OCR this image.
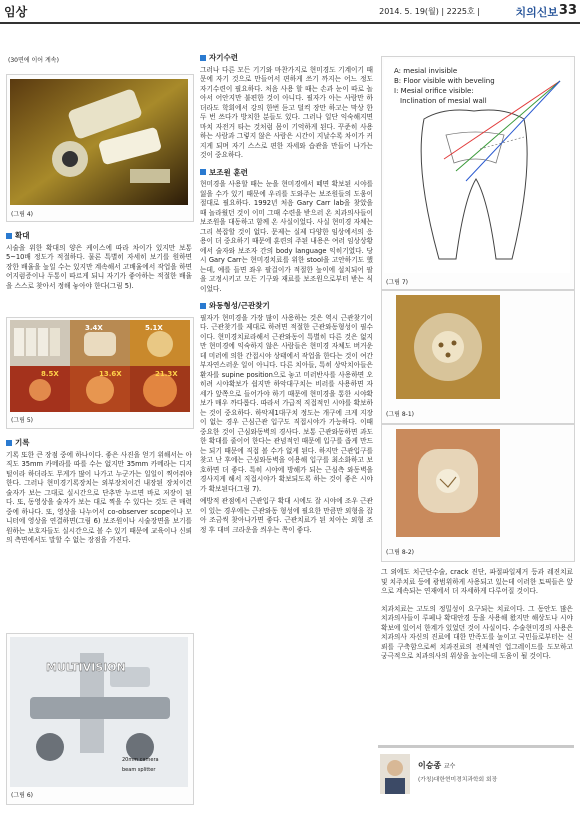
임상	2014. 5. 19(월) | 2225호 |	치의신보 33
(30면에 이어 계속)
(그림 4)
확대

시술을 위한 확대의 양은 케이스에 따라 차이가 있지만 보통 5~10배 정도가 적절하다. 물론 특별히 자세히 보기를 원하면 장한 배율을 높일 수는 있지만 계속해서 고배율에서 작업을 하면 어지럼증이나 두통이 따르게 되니 자기가 좋아하는 적절한 배율을 스스로 찾아서 정해 놓아야 한다(그림 5).

3.4X	5.1X
8.5X	13.6X	21.3X
(그림 5)
기록

기록 또한 큰 장점 중에 하나이다. 좋은 사진을 얻기 위해서는 아직도 35mm 카메라를 따를 수는 없지만 35mm 카메라는 디지털이라 하더라도 무게가 많이 나가고 누군가는 일일이 찍어줘야 한다. 그러나 현미경기록장치는 외부장치이건 내장된 장치이건 술자가 보는 그대로 실시간으로 단추만 누르면 바로 저장이 된다. 또, 동영상을 술자가 보는 대로 찍을 수 있다는 것도 큰 매력 중에 하나다. 또, 영상을 나누어서 co-observer scope이나 모니터에 영상을 연결하면(그림 6) 보조원이나 시술장면을 보기를 원하는 보호자들도 실시간으로 볼 수 있기 때문에 교육이나 신뢰의 측면에서도 말할 수 없는 장점을 가진다.

MULTIVISION
20mm camera
beam splitter
(그림 6)
자기수련

그러나 다른 모든 기기와 마찬가지로 현미경도 기계이기 때문에 자기 것으로 만들어서 편하게 쓰기 까지는 어느 정도 자기수련이 필요하다. 처음 사용 할 때는 손과 눈이 따로 놀아서 어안지만 불편한 것이 아니다. 필자가 아는 사람만 하더라도 학회에서 강의 한번 듣고 덜컥 장만 하고는 막상 한두 번 쓰다가 방치한 분들도 있다. 그러나 일단 익숙해지면 마치 자전거 타는 것처럼 몸이 기억하게 된다. 꾸준히 사용하는 사람과 그렇지 않은 사람은 시간이 지날수록 차이가 커지게 되며 자기 스스로 편한 자세와 습관을 만들어 나가는 것이 중요하다.

보조원 훈련

현미경을 사용할 때는 눈을 현미경에서 떼면 확보된 시야를 잃을 수가 있기 때문에 우리를 도와주는 보조원들의 도움이 절대로 필요하다. 1992년 처음 Gary Carr lab을 찾았을 때 놀라웠던 것이 이미 그때 수련을 받으러 온 치과의사들이 보조원을 대동하고 함께 온 사실이었다. 사실 현미경 자체는 그리 복잡할 것이 없다. 문제는 실제 다양한 임상에서의 응용이 더 중요하기 때문에 훈련의 주된 내용은 여러 임상상황에서 술자와 보조자 간의 body language 익히기였다. 당시 Gary Carr는 현미경치료를 위한 stool을 고안하기도 했는데, 예를 들면 좌우 팔걸이가 적절한 높이에 설치되어 팔을 고정시키고 모든 기구와 재료를 보조원으로부터 받는 식이었다.

와동형성/근관찾기

필자가 현미경을 가장 많이 사용하는 것은 역시 근관찾기이다. 근관찾기를 제대로 하려면 적절한 근관와동형성이 필수이다. 현미경치료라해서 근관와동이 특별히 다른 것은 없지만 현미경에 익숙하지 않은 사람들은 현미경 자체도 버거운데 미러에 의한 간접시야 상태에서 작업을 한다는 것이 여간 부자연스러운 일이 아니다. 다른 치아들, 특히 상악치아들은 환자를 supine position으로 놓고 미러반사를 사용하면 오히려 시야확보가 쉽지만 하악대구치는 비러를 사용하면 자세가 앞쪽으로 들어가야 하기 때문에 현미경을 통한 시야확보가 매우 까다롭다. 따라서 가급적 직접적인 시야를 확보하는 것이 중요하다. 하악제1대구치 정도는 개구에 크게 지장이 없는 경우 근심근관 입구도 직접시야가 가능하다. 이때 중요한 것이 근심와동벽의 경사다. 보통 근관와동하면 과도한 확대를 줄이어 한다는 관념적인 때문에 입구를 좁게 만드는 되기 때문에 직접 볼 수가 없게 된다. 하지만 근관입구를 찾고 난 후에는 근심와동벽을 이용해 입구를 최소화하고 보호하면 더 좋다. 특히 시야에 방해가 되는 근심측 와동벽을 경사지게 해서 직접시야가 확보되도록 하는 것이 좋은 시야가 확보된다(그림 7).

예방적 관점에서 근관입구 확대 시에도 잘 시야에 조우 근관이 있는 경우에는 근관와동 형성에 필요한 만큼만 외형을 잡아 조금씩 찾아나가면 좋다. 근관치료가 된 치아는 외형 조정 후 대비 크라운을 씌우는 쪽이 좋다.

A: mesial invisible
B: Floor visible with beveling
I: Mesial orifice visible:
Inclination of mesial wall
(그림 7)
(그림 8-1)
(그림 8-2)

그 외에도 치근단수술, crack 진단, 파절파일제거 등과 레진치료 및 치주치료 등에 광범위하게 사용되고 있는데 이러한 토픽들은 앞으로 계속되는 연재에서 더 자세하게 다루어질 것이다.

치과치료는 고도의 정밀성이 요구되는 치료이다. 그 동안도 많은 치과의사들이 루페나 확대안경 등을 사용해 왔지만 해상도나 시야확보에 있어서 한계가 있었던 것이 사실이다. 수술현미경의 사용은 치과의사 자신의 진료에 대한 만족도를 높이고 국민들로부터는 신뢰를 구축함으로써 치과진료의 전체적인 업그레이드를 도모하고 궁극적으로 치과의사의 위상을 높이는데 도움이 될 것이다.

이승종 교수
(가칭)대한현미경치과학회 회장
